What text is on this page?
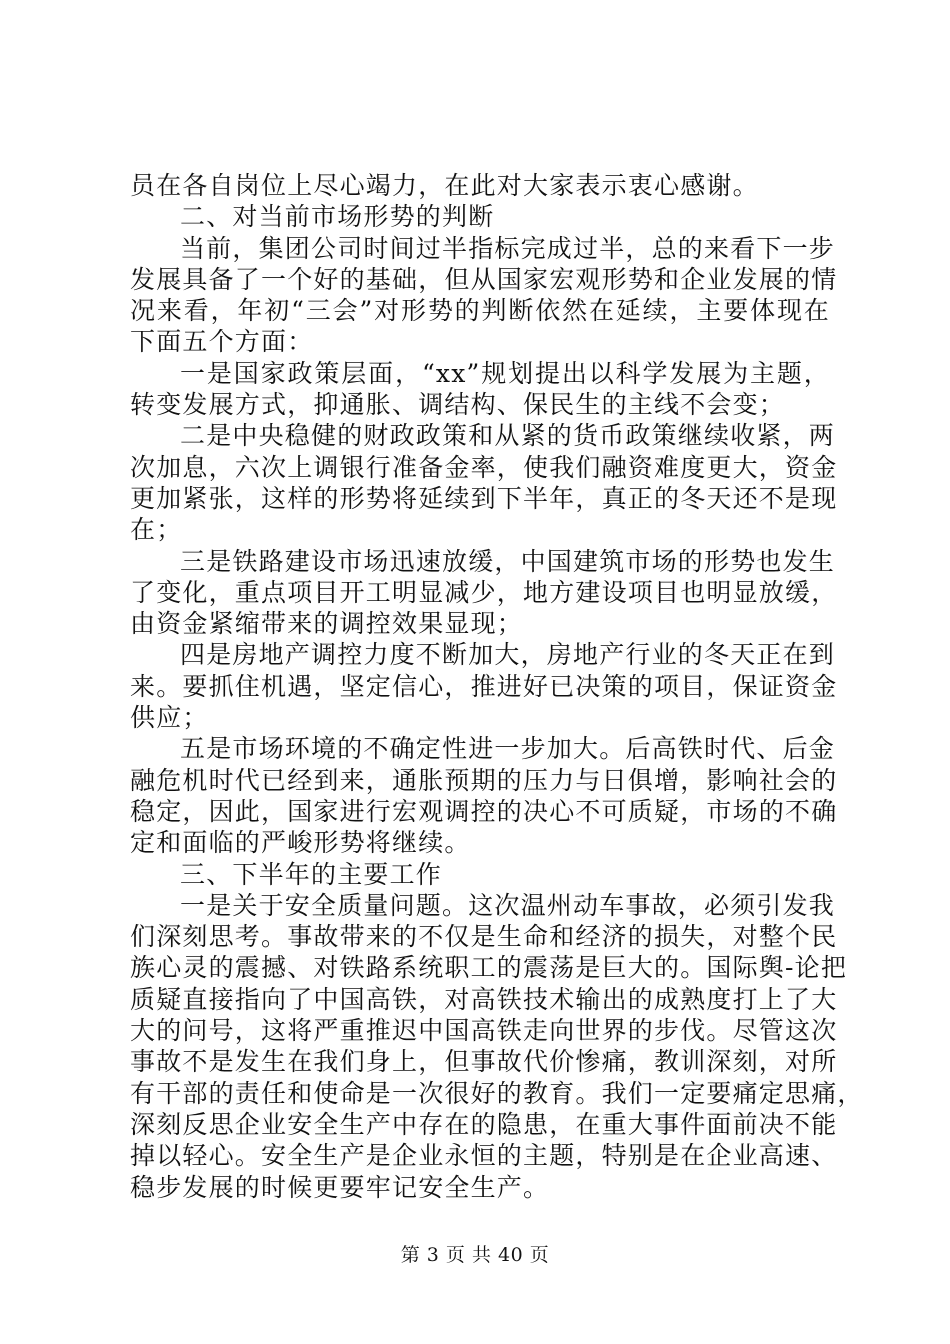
员在各自岗位上尽心竭力，在此对大家表示衷心感谢。
二、对当前市场形势的判断
当前，集团公司时间过半指标完成过半，总的来看下一步
发展具备了一个好的基础，但从国家宏观形势和企业发展的情
况来看，年初“三会”对形势的判断依然在延续，主要体现在
下面五个方面：
一是国家政策层面，“xx”规划提出以科学发展为主题，
转变发展方式，抑通胀、调结构、保民生的主线不会变；
二是中央稳健的财政政策和从紧的货币政策继续收紧，两
次加息，六次上调银行准备金率，使我们融资难度更大，资金
更加紧张，这样的形势将延续到下半年，真正的冬天还不是现
在；
三是铁路建设市场迅速放缓，中国建筑市场的形势也发生
了变化，重点项目开工明显减少，地方建设项目也明显放缓，
由资金紧缩带来的调控效果显现；
四是房地产调控力度不断加大，房地产行业的冬天正在到
来。要抓住机遇，坚定信心，推进好已决策的项目，保证资金
供应；
五是市场环境的不确定性进一步加大。后高铁时代、后金
融危机时代已经到来，通胀预期的压力与日俱增，影响社会的
稳定，因此，国家进行宏观调控的决心不可质疑，市场的不确
定和面临的严峻形势将继续。
三、下半年的主要工作
一是关于安全质量问题。这次温州动车事故，必须引发我
们深刻思考。事故带来的不仅是生命和经济的损失，对整个民
族心灵的震撼、对铁路系统职工的震荡是巨大的。国际舆-论把
质疑直接指向了中国高铁，对高铁技术输出的成熟度打上了大
大的问号，这将严重推迟中国高铁走向世界的步伐。尽管这次
事故不是发生在我们身上，但事故代价惨痛，教训深刻，对所
有干部的责任和使命是一次很好的教育。我们一定要痛定思痛，
深刻反思企业安全生产中存在的隐患，在重大事件面前决不能
掉以轻心。安全生产是企业永恒的主题，特别是在企业高速、
稳步发展的时候更要牢记安全生产。
第 3 页 共 40 页
